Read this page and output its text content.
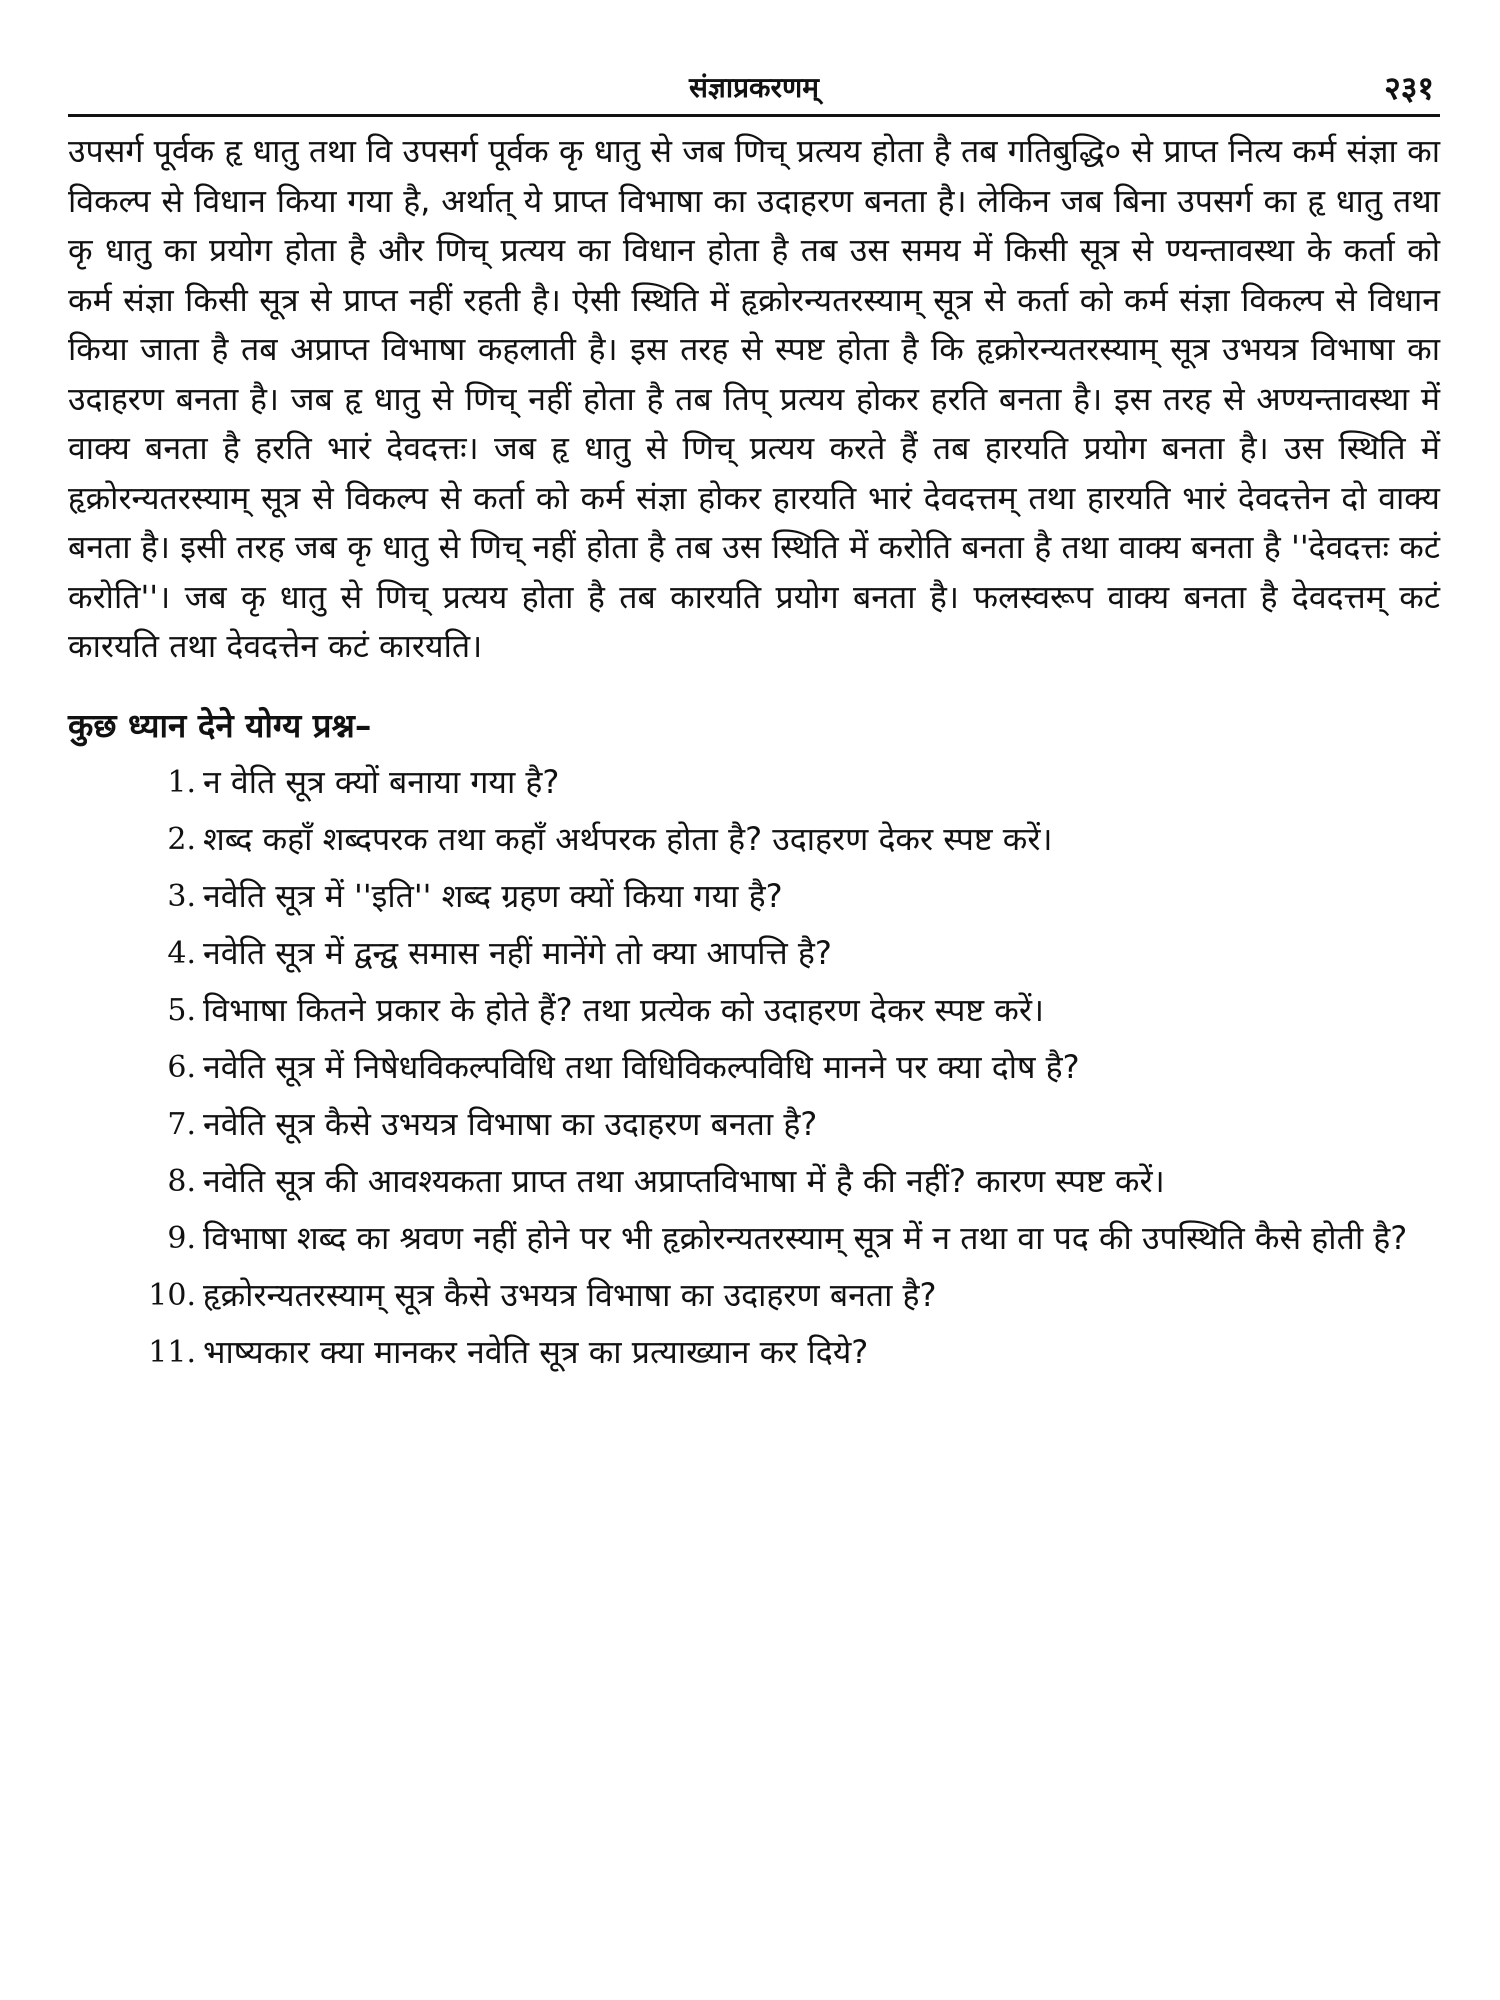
संज्ञाप्रकरणम्	२३१

उपसर्ग पूर्वक हृ धातु तथा वि उपसर्ग पूर्वक कृ धातु से जब णिच् प्रत्यय होता है तब गतिबुद्धि० से प्राप्त नित्य कर्म संज्ञा का विकल्प से विधान किया गया है, अर्थात् ये प्राप्त विभाषा का उदाहरण बनता है। लेकिन जब बिना उपसर्ग का हृ धातु तथा कृ धातु का प्रयोग होता है और णिच् प्रत्यय का विधान होता है तब उस समय में किसी सूत्र से ण्यन्तावस्था के कर्ता को कर्म संज्ञा किसी सूत्र से प्राप्त नहीं रहती है। ऐसी स्थिति में हृक्रोरन्यतरस्याम् सूत्र से कर्ता को कर्म संज्ञा विकल्प से विधान किया जाता है तब अप्राप्त विभाषा कहलाती है। इस तरह से स्पष्ट होता है कि हृक्रोरन्यतरस्याम् सूत्र उभयत्र विभाषा का उदाहरण बनता है। जब हृ धातु से णिच् नहीं होता है तब तिप् प्रत्यय होकर हरति बनता है। इस तरह से अण्यन्तावस्था में वाक्य बनता है हरति भारं देवदत्तः। जब हृ धातु से णिच् प्रत्यय करते हैं तब हारयति प्रयोग बनता है। उस स्थिति में हृक्रोरन्यतरस्याम् सूत्र से विकल्प से कर्ता को कर्म संज्ञा होकर हारयति भारं देवदत्तम् तथा हारयति भारं देवदत्तेन दो वाक्य बनता है। इसी तरह जब कृ धातु से णिच् नहीं होता है तब उस स्थिति में करोति बनता है तथा वाक्य बनता है ''देवदत्तः कटं करोति''। जब कृ धातु से णिच् प्रत्यय होता है तब कारयति प्रयोग बनता है। फलस्वरूप वाक्य बनता है देवदत्तम् कटं कारयति तथा देवदत्तेन कटं कारयति।

कुछ ध्यान देने योग्य प्रश्न–
1. न वेति सूत्र क्यों बनाया गया है?
2. शब्द कहाँ शब्दपरक तथा कहाँ अर्थपरक होता है? उदाहरण देकर स्पष्ट करें।
3. नवेति सूत्र में ''इति'' शब्द ग्रहण क्यों किया गया है?
4. नवेति सूत्र में द्वन्द्व समास नहीं मानेंगे तो क्या आपत्ति है?
5. विभाषा कितने प्रकार के होते हैं? तथा प्रत्येक को उदाहरण देकर स्पष्ट करें।
6. नवेति सूत्र में निषेधविकल्पविधि तथा विधिविकल्पविधि मानने पर क्या दोष है?
7. नवेति सूत्र कैसे उभयत्र विभाषा का उदाहरण बनता है?
8. नवेति सूत्र की आवश्यकता प्राप्त तथा अप्राप्तविभाषा में है की नहीं? कारण स्पष्ट करें।
9. विभाषा शब्द का श्रवण नहीं होने पर भी हृक्रोरन्यतरस्याम् सूत्र में न तथा वा पद की उपस्थिति कैसे होती है?
10. हृक्रोरन्यतरस्याम् सूत्र कैसे उभयत्र विभाषा का उदाहरण बनता है?
11. भाष्यकार क्या मानकर नवेति सूत्र का प्रत्याख्यान कर दिये?
